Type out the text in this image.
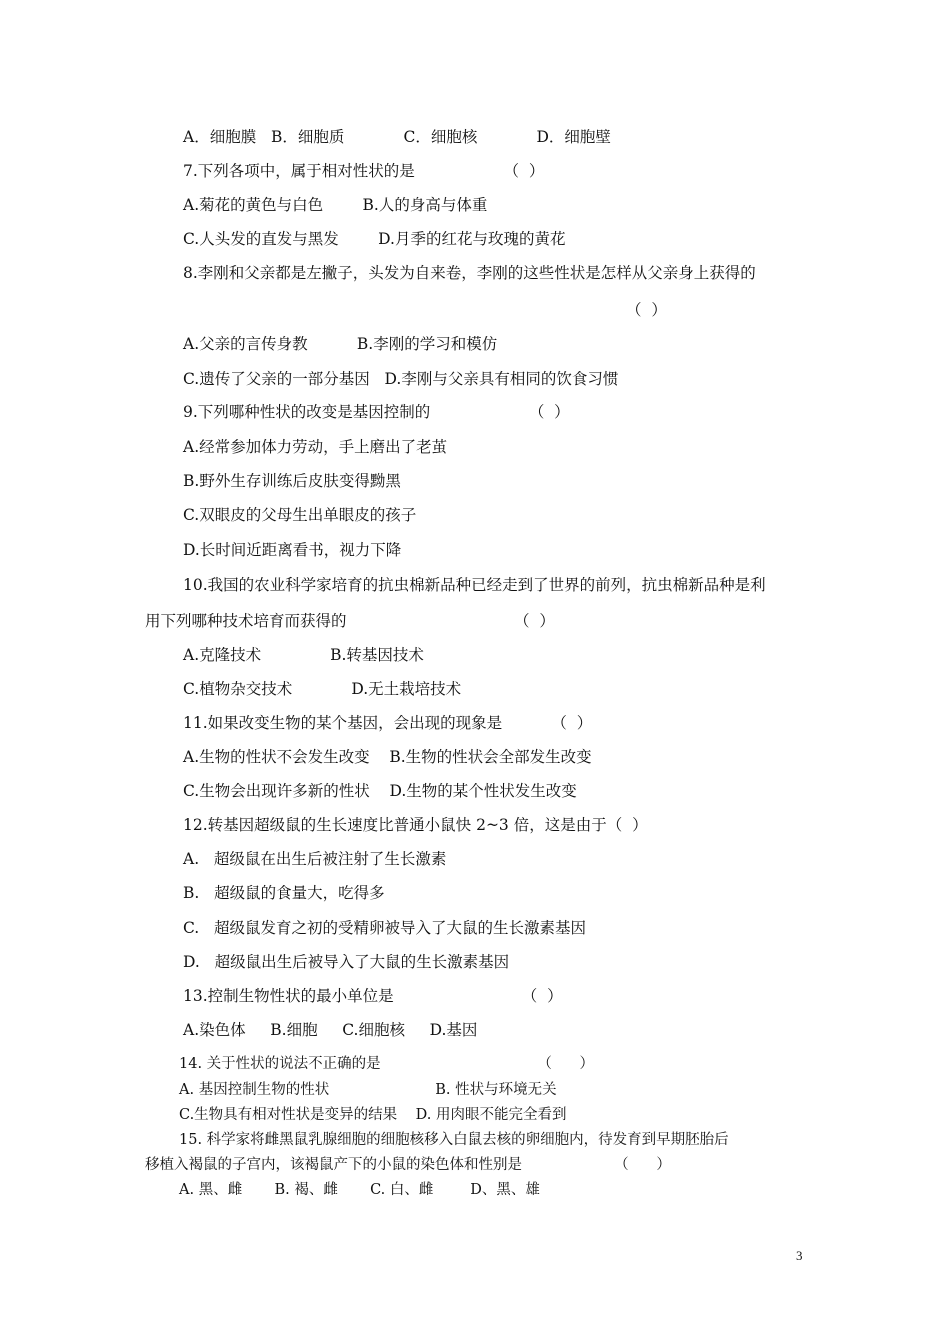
A．细胞膜   B．细胞质            C．细胞核            D．细胞壁
7.下列各项中，属于相对性状的是                  （  ）
A.菊花的黄色与白色        B.人的身高与体重
C.人头发的直发与黑发        D.月季的红花与玫瑰的黄花
8.李刚和父亲都是左撇子，头发为自来卷，李刚的这些性状是怎样从父亲身上获得的
（  ）
A.父亲的言传身教          B.李刚的学习和模仿
C.遗传了父亲的一部分基因   D.李刚与父亲具有相同的饮食习惯
9.下列哪种性状的改变是基因控制的                    （  ）
A.经常参加体力劳动，手上磨出了老茧
B.野外生存训练后皮肤变得黝黑
C.双眼皮的父母生出单眼皮的孩子
D.长时间近距离看书，视力下降
10.我国的农业科学家培育的抗虫棉新品种已经走到了世界的前列，抗虫棉新品种是利
用下列哪种技术培育而获得的                                  （  ）
A.克隆技术              B.转基因技术
C.植物杂交技术            D.无土栽培技术
11.如果改变生物的某个基因，会出现的现象是          （  ）
A.生物的性状不会发生改变    B.生物的性状会全部发生改变
C.生物会出现许多新的性状    D.生物的某个性状发生改变
12.转基因超级鼠的生长速度比普通小鼠快 2~3 倍，这是由于（  ）
A.   超级鼠在出生后被注射了生长激素
B.   超级鼠的食量大，吃得多
C.   超级鼠发育之初的受精卵被导入了大鼠的生长激素基因
D.   超级鼠出生后被导入了大鼠的生长激素基因
13.控制生物性状的最小单位是                          （  ）
A.染色体     B.细胞     C.细胞核     D.基因
14. 关于性状的说法不正确的是                                  （      ）
A. 基因控制生物的性状                       B. 性状与环境无关
C.生物具有相对性状是变异的结果    D. 用肉眼不能完全看到
15. 科学家将雌黑鼠乳腺细胞的细胞核移入白鼠去核的卵细胞内，待发育到早期胚胎后
移植入褐鼠的子宫内，该褐鼠产下的小鼠的染色体和性别是                    （      ）
A. 黑、雌       B. 褐、雌       C. 白、雌        D、黑、雄
3
